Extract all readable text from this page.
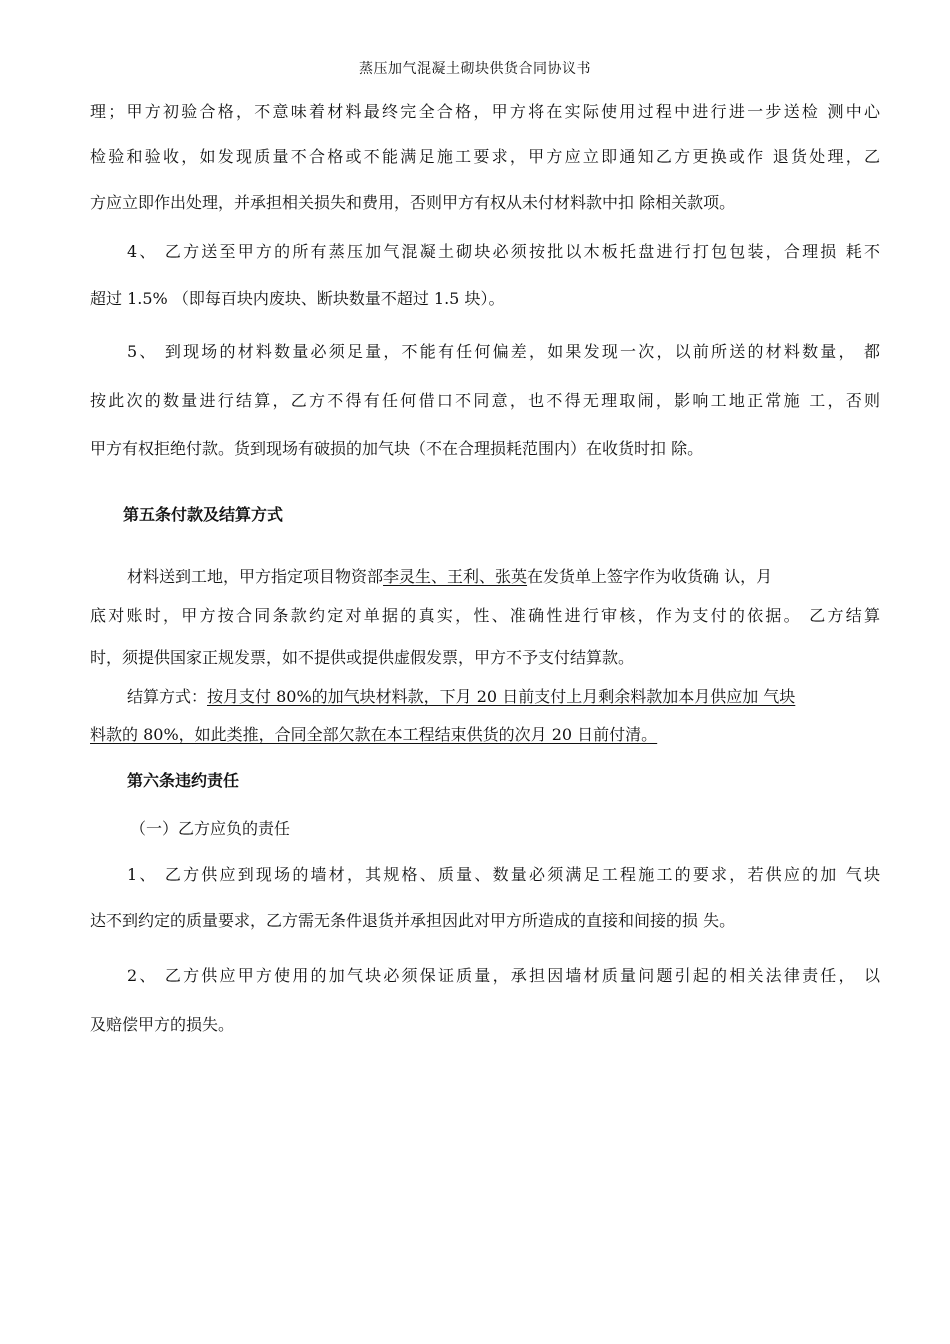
蒸压加气混凝土砌块供货合同协议书
理；甲方初验合格，不意味着材料最终完全合格，甲方将在实际使用过程中进行进一步送检 测中心
检验和验收，如发现质量不合格或不能满足施工要求，甲方应立即通知乙方更换或作 退货处理，乙
方应立即作出处理，并承担相关损失和费用，否则甲方有权从未付材料款中扣 除相关款项。
4、 乙方送至甲方的所有蒸压加气混凝土砌块必须按批以木板托盘进行打包包装，合理损 耗不
超过 1.5% （即每百块内废块、断块数量不超过 1.5 块）。
5、 到现场的材料数量必须足量，不能有任何偏差，如果发现一次，以前所送的材料数量， 都
按此次的数量进行结算，乙方不得有任何借口不同意，也不得无理取闹，影响工地正常施 工，否则
甲方有权拒绝付款。货到现场有破损的加气块（不在合理损耗范围内）在收货时扣 除。
第五条付款及结算方式
材料送到工地，甲方指定项目物资部李灵生、王利、张英在发货单上签字作为收货确 认，月
底对账时，甲方按合同条款约定对单据的真实，性、准确性进行审核，作为支付的依据。 乙方结算
时，须提供国家正规发票，如不提供或提供虚假发票，甲方不予支付结算款。
结算方式：按月支付 80%的加气块材料款，下月 20 日前支付上月剩余料款加本月供应加 气块
料款的 80%，如此类推，合同全部欠款在本工程结束供货的次月 20 日前付清。
第六条违约责任
（一）乙方应负的责任
1、 乙方供应到现场的墙材，其规格、质量、数量必须满足工程施工的要求，若供应的加 气块
达不到约定的质量要求，乙方需无条件退货并承担因此对甲方所造成的直接和间接的损 失。
2、 乙方供应甲方使用的加气块必须保证质量，承担因墙材质量问题引起的相关法律责任， 以
及赔偿甲方的损失。
